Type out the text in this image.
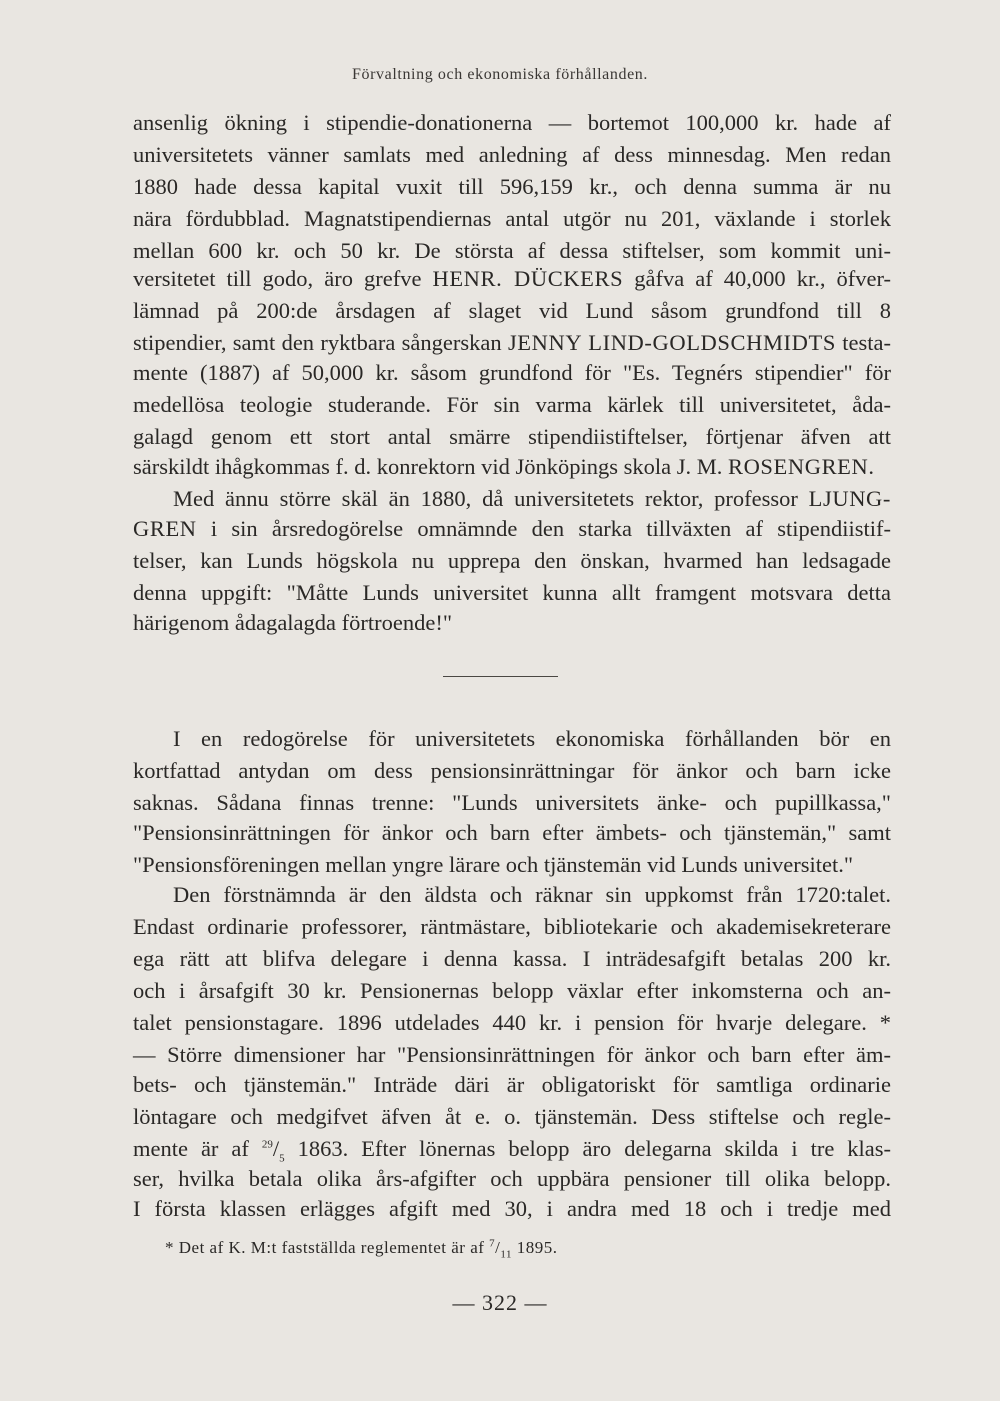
Förvaltning och ekonomiska förhållanden.
ansenlig ökning i stipendie-donationerna — bortemot 100,000 kr. hade af
universitetets vänner samlats med anledning af dess minnesdag. Men redan
1880 hade dessa kapital vuxit till 596,159 kr., och denna summa är nu
nära fördubblad. Magnatstipendiernas antal utgör nu 201, växlande i storlek
mellan 600 kr. och 50 kr. De största af dessa stiftelser, som kommit uni-
versitetet till godo, äro grefve HENR. DÜCKERS gåfva af 40,000 kr., öfver-
lämnad på 200:de årsdagen af slaget vid Lund såsom grundfond till 8
stipendier, samt den ryktbara sångerskan JENNY LIND-GOLDSCHMIDTS testa-
mente (1887) af 50,000 kr. såsom grundfond för "Es. Tegnérs stipendier" för
medellösa teologie studerande. För sin varma kärlek till universitetet, åda-
galagd genom ett stort antal smärre stipendiistiftelser, förtjenar äfven att
särskildt ihågkommas f. d. konrektorn vid Jönköpings skola J. M. ROSENGREN.
Med ännu större skäl än 1880, då universitetets rektor, professor LJUNG-
GREN i sin årsredogörelse omnämnde den starka tillväxten af stipendiistif-
telser, kan Lunds högskola nu upprepa den önskan, hvarmed han ledsagade
denna uppgift: "Måtte Lunds universitet kunna allt framgent motsvara detta
härigenom ådagalagda förtroende!"
I en redogörelse för universitetets ekonomiska förhållanden bör en
kortfattad antydan om dess pensionsinrättningar för änkor och barn icke
saknas. Sådana finnas trenne: "Lunds universitets änke- och pupillkassa,"
"Pensionsinrättningen för änkor och barn efter ämbets- och tjänstemän," samt
"Pensionsföreningen mellan yngre lärare och tjänstemän vid Lunds universitet."
Den förstnämnda är den äldsta och räknar sin uppkomst från 1720:talet.
Endast ordinarie professorer, räntmästare, bibliotekarie och akademisekreterare
ega rätt att blifva delegare i denna kassa. I inträdesafgift betalas 200 kr.
och i årsafgift 30 kr. Pensionernas belopp växlar efter inkomsterna och an-
talet pensionstagare. 1896 utdelades 440 kr. i pension för hvarje delegare. *
— Större dimensioner har "Pensionsinrättningen för änkor och barn efter äm-
bets- och tjänstemän." Inträde däri är obligatoriskt för samtliga ordinarie
löntagare och medgifvet äfven åt e. o. tjänstemän. Dess stiftelse och regle-
mente är af $^{29}/_5$ 1863. Efter lönernas belopp äro delegarna skilda i tre klas-
ser, hvilka betala olika års-afgifter och uppbära pensioner till olika belopp.
I första klassen erlägges afgift med 30, i andra med 18 och i tredje med
* Det af K. M:t fastställda reglementet är af $^7/_{11}$ 1895.
— 322 —
